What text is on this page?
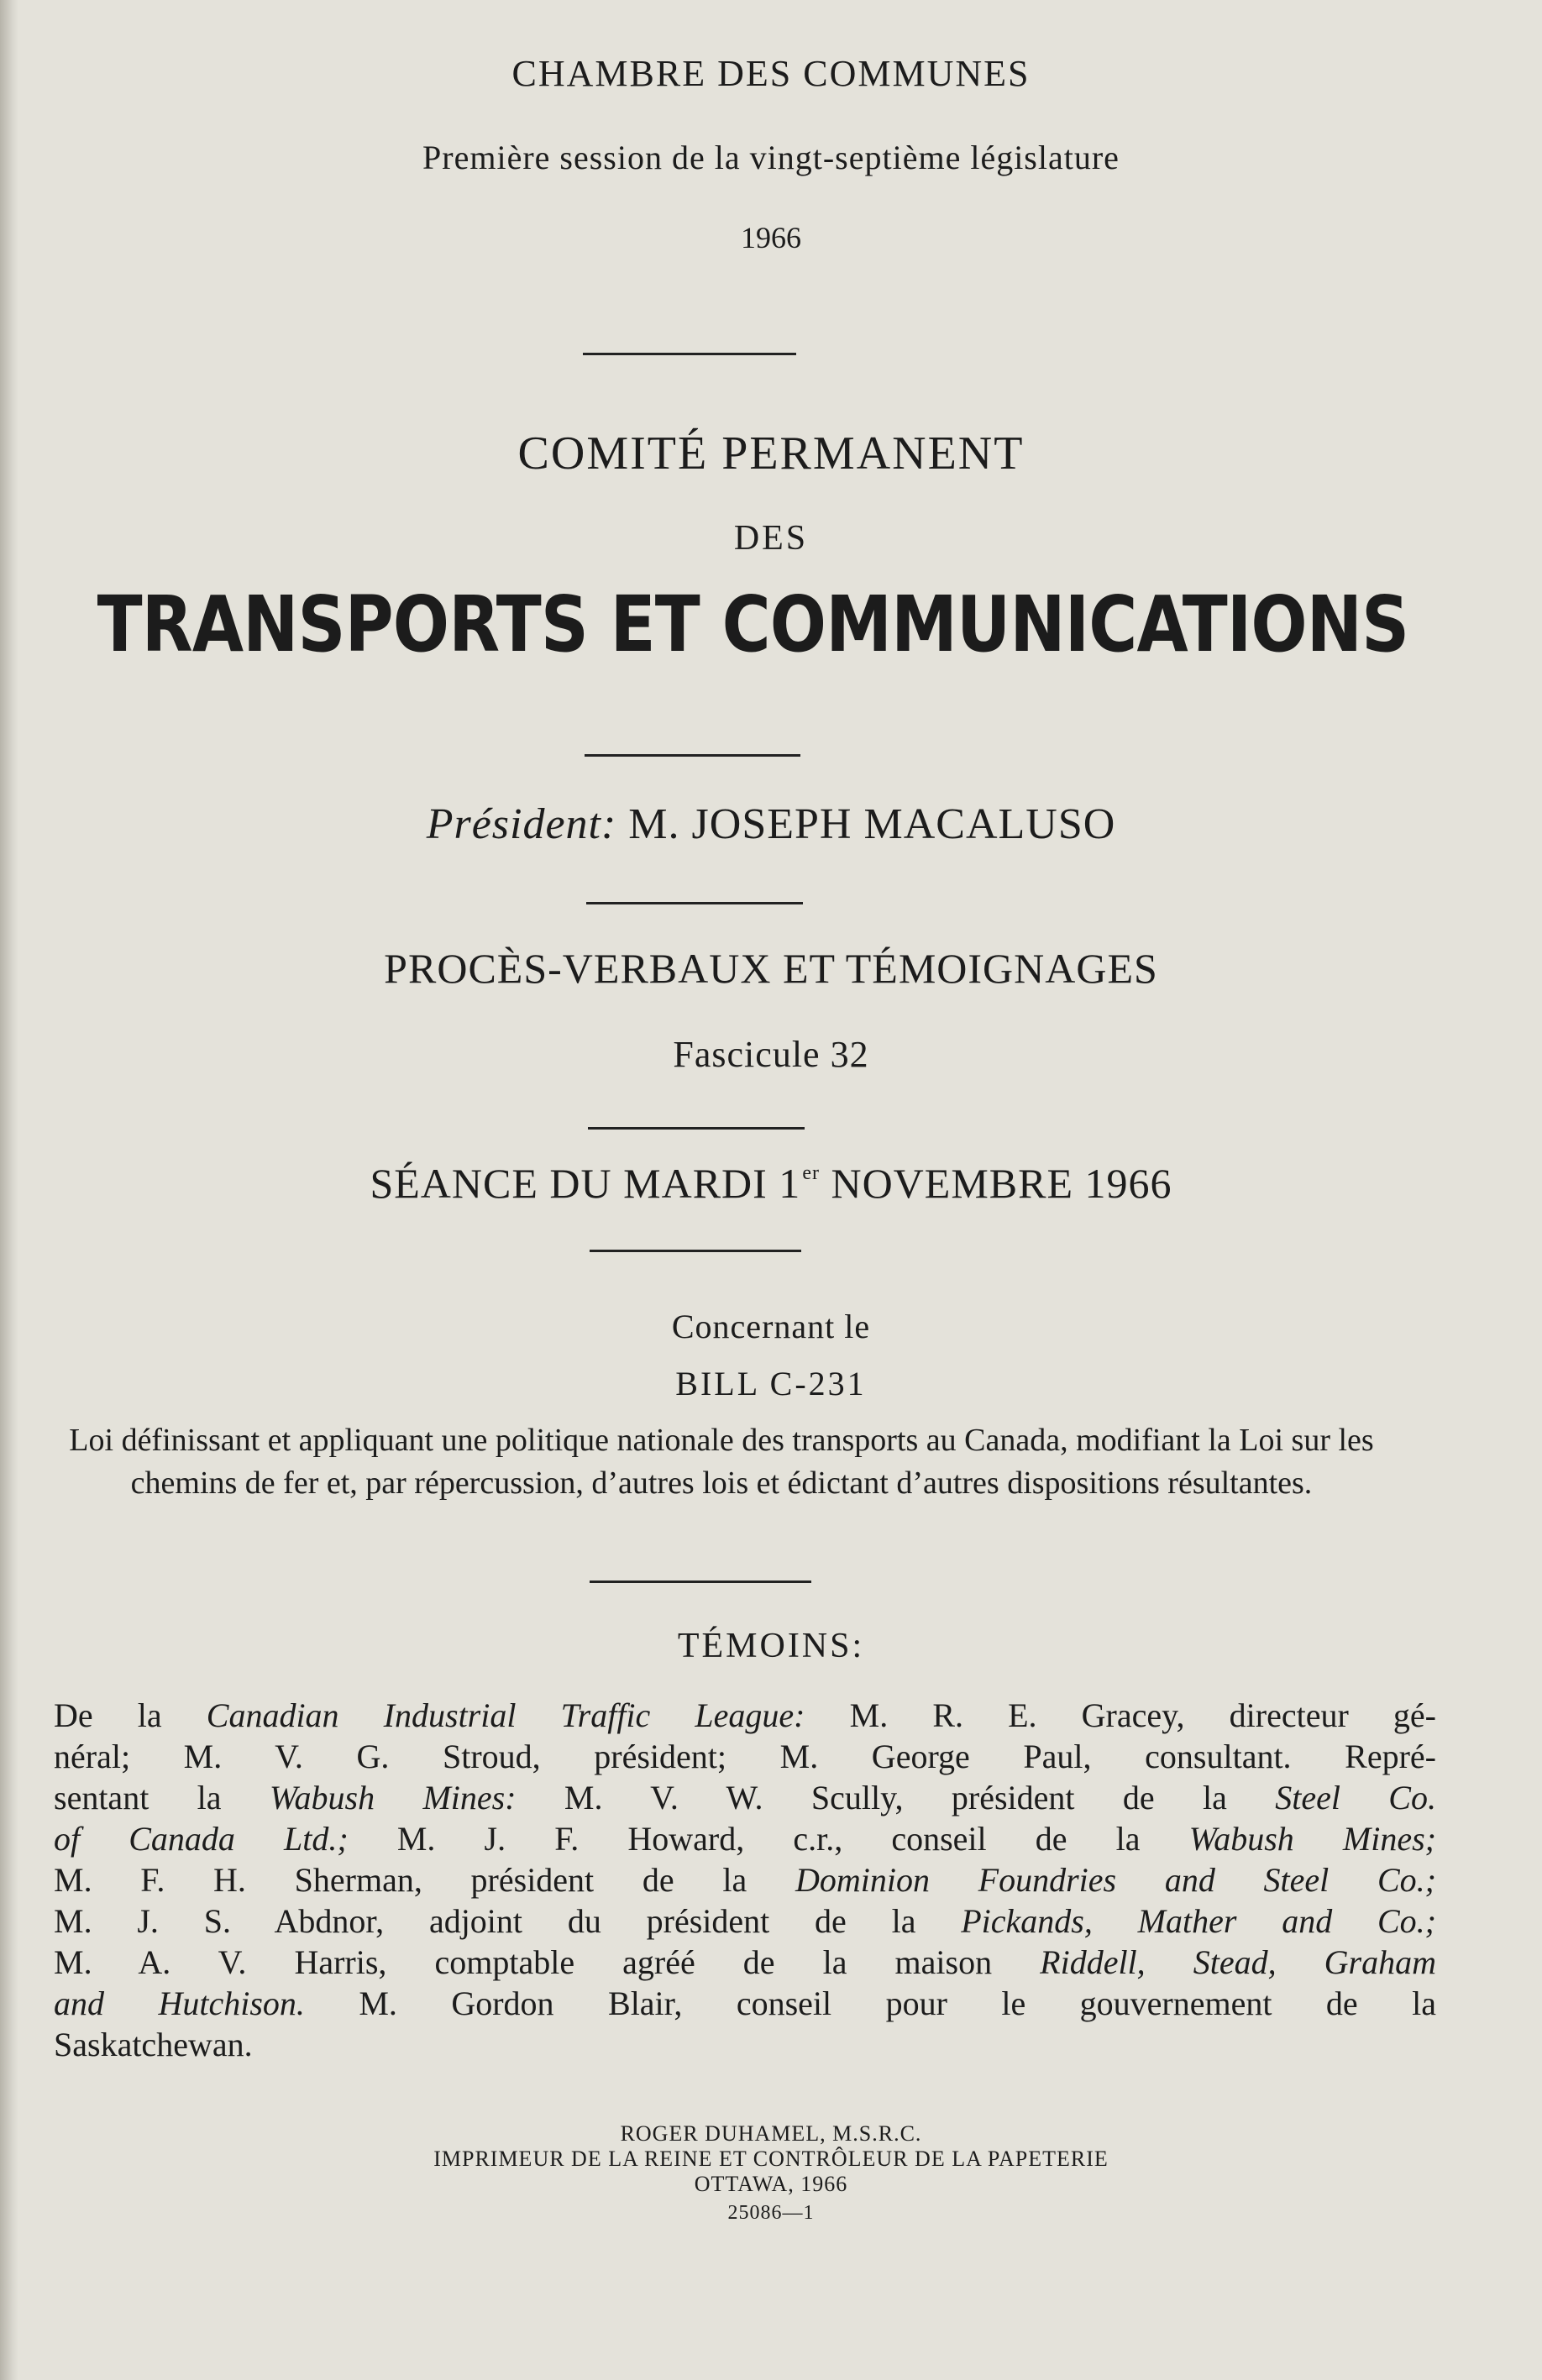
CHAMBRE DES COMMUNES

Première session de la vingt-septième législature

1966

COMITÉ PERMANENT

DES

TRANSPORTS ET COMMUNICATIONS

Président: M. JOSEPH MACALUSO

PROCÈS-VERBAUX ET TÉMOIGNAGES

Fascicule 32

SÉANCE DU MARDI 1er NOVEMBRE 1966

Concernant le

BILL C-231

Loi définissant et appliquant une politique nationale des transports au Canada, modifiant la Loi sur les chemins de fer et, par répercussion, d’autres lois et édictant d’autres dispositions résultantes.

TÉMOINS:

De la Canadian Industrial Traffic League: M. R. E. Gracey, directeur gé-
néral; M. V. G. Stroud, président; M. George Paul, consultant. Repré-
sentant la Wabush Mines: M. V. W. Scully, président de la Steel Co.
of Canada Ltd.; M. J. F. Howard, c.r., conseil de la Wabush Mines;
M. F. H. Sherman, président de la Dominion Foundries and Steel Co.;
M. J. S. Abdnor, adjoint du président de la Pickands, Mather and Co.;
M. A. V. Harris, comptable agréé de la maison Riddell, Stead, Graham
and Hutchison. M. Gordon Blair, conseil pour le gouvernement de la
Saskatchewan.

ROGER DUHAMEL, M.S.R.C.

IMPRIMEUR DE LA REINE ET CONTRÔLEUR DE LA PAPETERIE

OTTAWA, 1966

25086—1
